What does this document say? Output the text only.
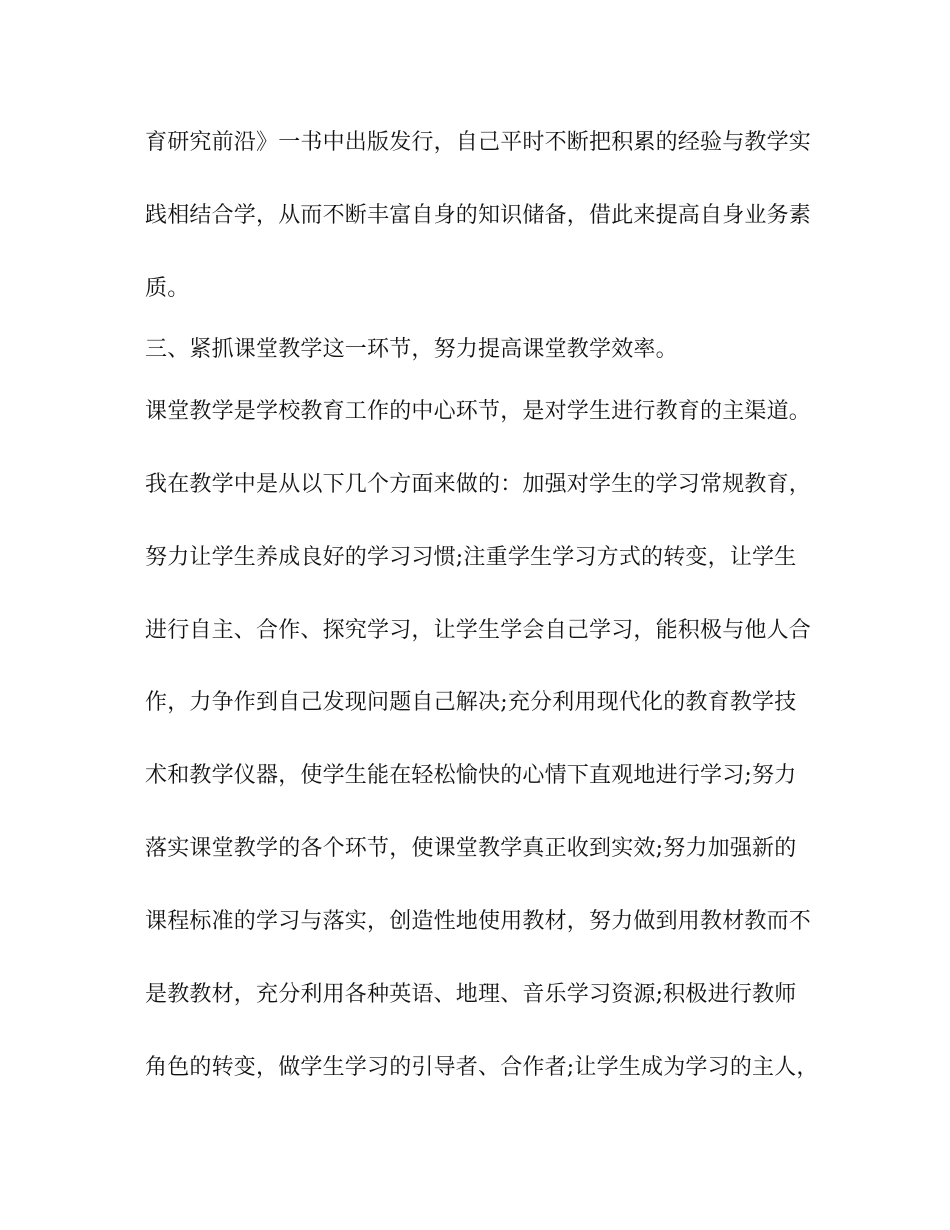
育研究前沿》一书中出版发行，自己平时不断把积累的经验与教学实

践相结合学，从而不断丰富自身的知识储备，借此来提高自身业务素

质。

三、紧抓课堂教学这一环节，努力提高课堂教学效率。

课堂教学是学校教育工作的中心环节，是对学生进行教育的主渠道。

我在教学中是从以下几个方面来做的：加强对学生的学习常规教育，

努力让学生养成良好的学习习惯;注重学生学习方式的转变，让学生

进行自主、合作、探究学习，让学生学会自己学习，能积极与他人合

作，力争作到自己发现问题自己解决;充分利用现代化的教育教学技

术和教学仪器，使学生能在轻松愉快的心情下直观地进行学习;努力

落实课堂教学的各个环节，使课堂教学真正收到实效;努力加强新的

课程标准的学习与落实，创造性地使用教材，努力做到用教材教而不

是教教材，充分利用各种英语、地理、音乐学习资源;积极进行教师

角色的转变，做学生学习的引导者、合作者;让学生成为学习的主人，
